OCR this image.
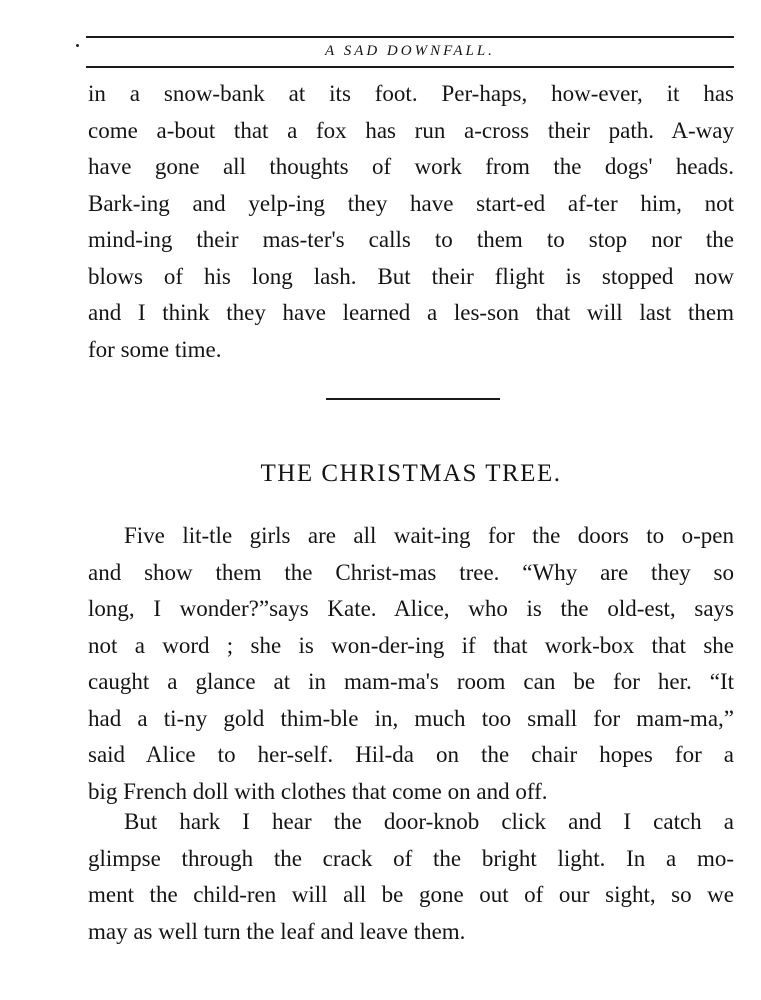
A SAD DOWNFALL.
in a snow-bank at its foot. Per-haps, how-ever, it has
come a-bout that a fox has run a-cross their path. A-way
have gone all thoughts of work from the dogs' heads.
Bark-ing and yelp-ing they have start-ed af-ter him, not
mind-ing their mas-ter's calls to them to stop nor the
blows of his long lash. But their flight is stopped now
and I think they have learned a les-son that will last them
for some time.
THE CHRISTMAS TREE.
Five lit-tle girls are all wait-ing for the doors to o-pen
and show them the Christ-mas tree. “Why are they so
long, I wonder?”says Kate. Alice, who is the old-est, says
not a word ; she is won-der-ing if that work-box that she
caught a glance at in mam-ma's room can be for her. “It
had a ti-ny gold thim-ble in, much too small for mam-ma,”
said Alice to her-self. Hil-da on the chair hopes for a
big French doll with clothes that come on and off.
But hark I hear the door-knob click and I catch a
glimpse through the crack of the bright light. In a mo-
ment the child-ren will all be gone out of our sight, so we
may as well turn the leaf and leave them.
